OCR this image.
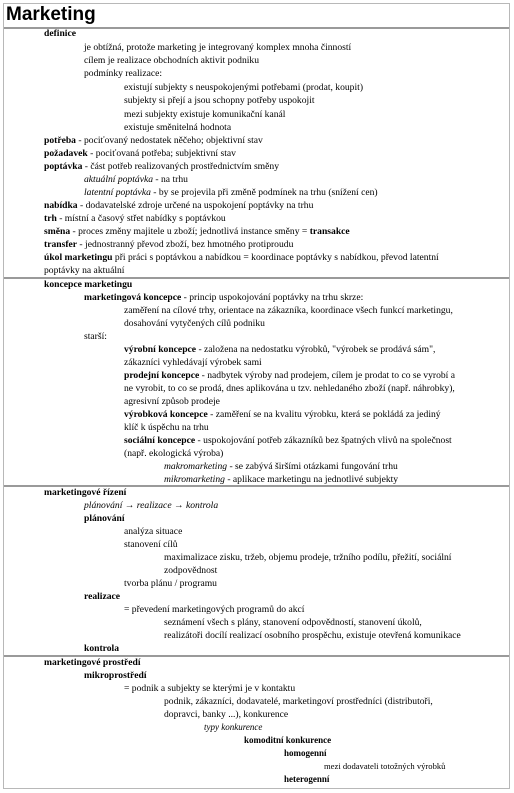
Marketing
definice
je obtížná, protože marketing je integrovaný komplex mnoha činností
cílem je realizace obchodních aktivit podniku
podmínky realizace:
existují subjekty s neuspokojenými potřebami (prodat, koupit)
subjekty si přejí a jsou schopny potřeby uspokojit
mezi subjekty existuje komunikační kanál
existuje směnitelná hodnota
potřeba - pociťovaný nedostatek něčeho; objektivní stav
požadavek - pociťovaná potřeba; subjektivní stav
poptávka - část potřeb realizovaných prostřednictvím směny
aktuální poptávka - na trhu
latentní poptávka - by se projevila při změně podmínek na trhu (snížení cen)
nabídka - dodavatelské zdroje určené na uspokojení poptávky na trhu
trh - místní a časový střet nabídky s poptávkou
směna - proces změny majitele u zboží; jednotlivá instance směny = transakce
transfer - jednostranný převod zboží, bez hmotného protiproudu
úkol marketingu při práci s poptávkou a nabídkou = koordinace poptávky s nabídkou, převod latentní
poptávky na aktuální
koncepce marketingu
marketingová koncepce - princip uspokojování poptávky na trhu skrze:
zaměření na cílové trhy, orientace na zákazníka, koordinace všech funkcí marketingu,
dosahování vytyčených cílů podniku
starší:
výrobní koncepce - založena na nedostatku výrobků, "výrobek se prodává sám",
zákazníci vyhledávají výrobek sami
prodejní koncepce - nadbytek výroby nad prodejem, cílem je prodat to co se vyrobí a
ne vyrobit, to co se prodá, dnes aplikována u tzv. nehledaného zboží (např. náhrobky),
agresivní způsob prodeje
výrobková koncepce - zaměření se na kvalitu výrobku, která se pokládá za jediný
klíč k úspěchu na trhu
sociální koncepce - uspokojování potřeb zákazníků bez špatných vlivů na společnost
(např. ekologická výroba)
makromarketing - se zabývá širšími otázkami fungování trhu
mikromarketing - aplikace marketingu na jednotlivé subjekty
marketingové řízení
plánování → realizace → kontrola
plánování
analýza situace
stanovení cílů
maximalizace zisku, tržeb, objemu prodeje, tržního podílu, přežití, sociální
zodpovědnost
tvorba plánu / programu
realizace
= převedení marketingových programů do akcí
seznámení všech s plány, stanovení odpovědností, stanovení úkolů,
realizátoři docílí realizací osobního prospěchu, existuje otevřená komunikace
kontrola
marketingové prostředí
mikroprostředí
= podnik a subjekty se kterými je v kontaktu
podnik, zákazníci, dodavatelé, marketingoví prostředníci (distributoři,
dopravci, banky ...), konkurence
typy konkurence
komoditní konkurence
homogenní
mezi dodavateli totožných výrobků
heterogenní
